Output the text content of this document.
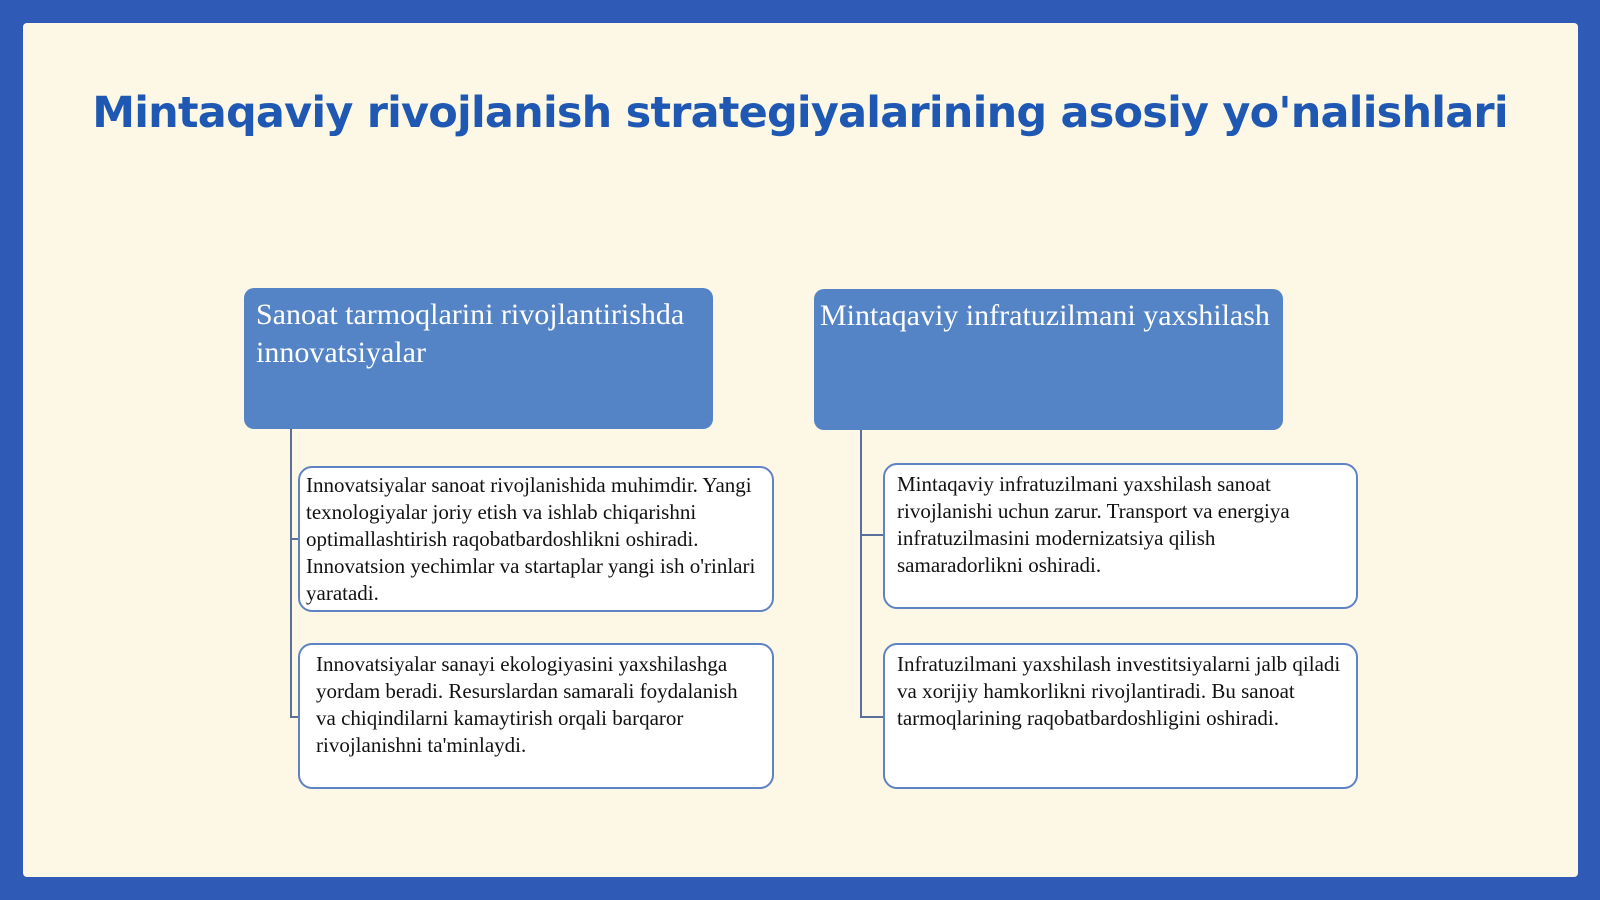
Mintaqaviy rivojlanish strategiyalarining asosiy yo'nalishlari
Sanoat tarmoqlarini rivojlantirishda innovatsiyalar
Innovatsiyalar sanoat rivojlanishida muhimdir. Yangi texnologiyalar joriy etish va ishlab chiqarishni optimallashtirish raqobatbardoshlikni oshiradi. Innovatsion yechimlar va startaplar yangi ish o'rinlari yaratadi.
Innovatsiyalar sanayi ekologiyasini yaxshilashga yordam beradi. Resurslardan samarali foydalanish va chiqindilarni kamaytirish orqali barqaror rivojlanishni ta'minlaydi.
Mintaqaviy infratuzilmani yaxshilash
Mintaqaviy infratuzilmani yaxshilash sanoat rivojlanishi uchun zarur. Transport va energiya infratuzilmasini modernizatsiya qilish samaradorlikni oshiradi.
Infratuzilmani yaxshilash investitsiyalarni jalb qiladi va xorijiy hamkorlikni rivojlantiradi. Bu sanoat tarmoqlarining raqobatbardoshligini oshiradi.
